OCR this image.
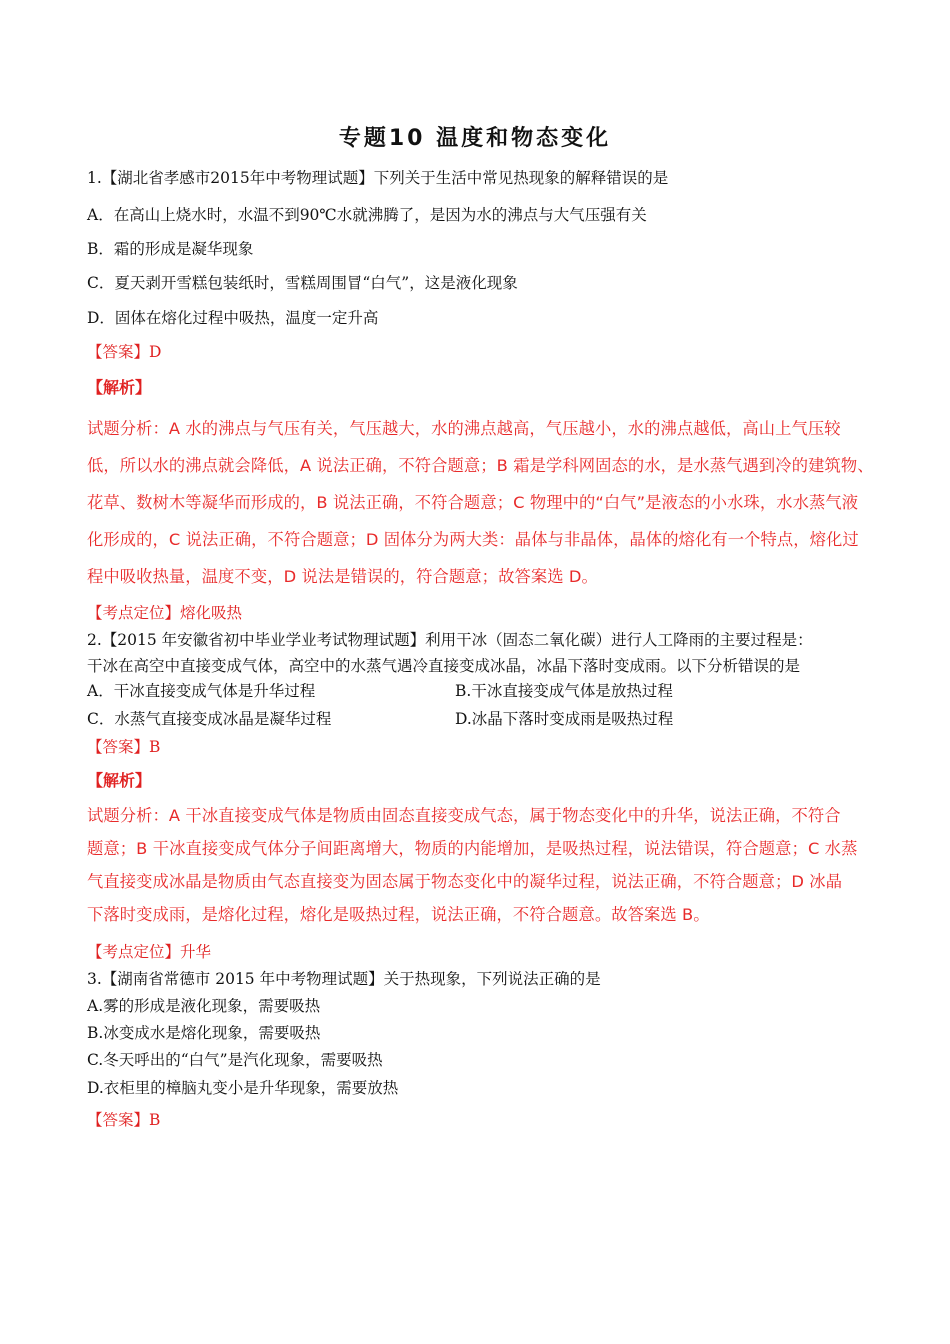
专题10 温度和物态变化
1.【湖北省孝感市2015年中考物理试题】下列关于生活中常见热现象的解释错误的是
A．在高山上烧水时，水温不到90℃水就沸腾了，是因为水的沸点与大气压强有关
B．霜的形成是凝华现象
C．夏天剥开雪糕包装纸时，雪糕周围冒“白气”，这是液化现象
D．固体在熔化过程中吸热，温度一定升高
【答案】D
【解析】
试题分析：A 水的沸点与气压有关，气压越大，水的沸点越高，气压越小，水的沸点越低，高山上气压较
低，所以水的沸点就会降低，A 说法正确，不符合题意；B 霜是学科网固态的水，是水蒸气遇到冷的建筑物、
花草、数树木等凝华而形成的，B 说法正确，不符合题意；C 物理中的“白气”是液态的小水珠，水水蒸气液
化形成的，C 说法正确，不符合题意；D 固体分为两大类：晶体与非晶体，晶体的熔化有一个特点，熔化过
程中吸收热量，温度不变，D 说法是错误的，符合题意；故答案选 D。
【考点定位】熔化吸热
2.【2015 年安徽省初中毕业学业考试物理试题】利用干冰（固态二氧化碳）进行人工降雨的主要过程是：
干冰在高空中直接变成气体，高空中的水蒸气遇冷直接变成冰晶，冰晶下落时变成雨。以下分析错误的是
A．干冰直接变成气体是升华过程	B.干冰直接变成气体是放热过程
C．水蒸气直接变成冰晶是凝华过程	D.冰晶下落时变成雨是吸热过程
【答案】B
【解析】
试题分析：A 干冰直接变成气体是物质由固态直接变成气态，属于物态变化中的升华，说法正确，不符合
题意；B 干冰直接变成气体分子间距离增大，物质的内能增加，是吸热过程，说法错误，符合题意；C 水蒸
气直接变成冰晶是物质由气态直接变为固态属于物态变化中的凝华过程，说法正确，不符合题意；D 冰晶
下落时变成雨，是熔化过程，熔化是吸热过程，说法正确，不符合题意。故答案选 B。
【考点定位】升华
3.【湖南省常德市 2015 年中考物理试题】关于热现象，下列说法正确的是
A.雾的形成是液化现象，需要吸热
B.冰变成水是熔化现象，需要吸热
C.冬天呼出的“白气”是汽化现象，需要吸热
D.衣柜里的樟脑丸变小是升华现象，需要放热
【答案】B
